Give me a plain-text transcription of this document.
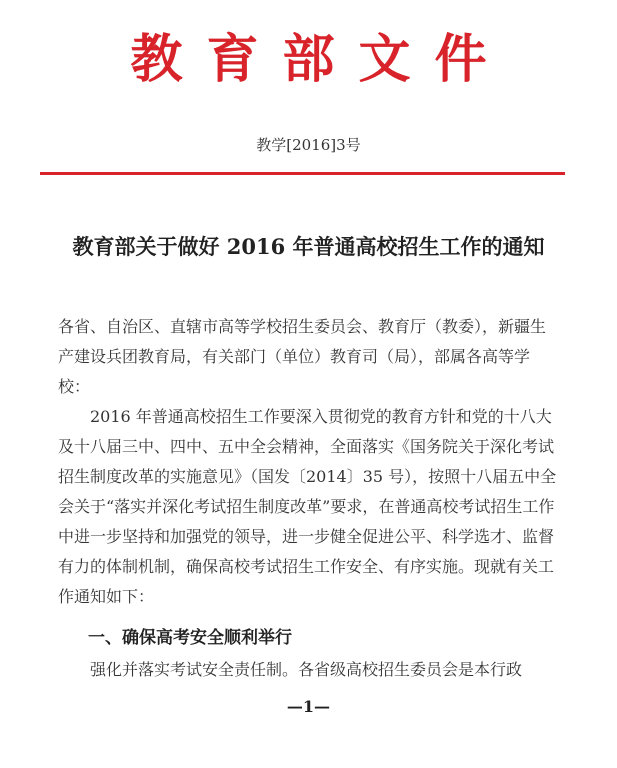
教育部文件
教学[2016]3号
教育部关于做好 2016 年普通高校招生工作的通知
各省、自治区、直辖市高等学校招生委员会、教育厅（教委），新疆生产建设兵团教育局，有关部门（单位）教育司（局），部属各高等学校：
2016 年普通高校招生工作要深入贯彻党的教育方针和党的十八大及十八届三中、四中、五中全会精神，全面落实《国务院关于深化考试招生制度改革的实施意见》（国发〔2014〕35 号），按照十八届五中全会关于“落实并深化考试招生制度改革”要求，在普通高校考试招生工作中进一步坚持和加强党的领导，进一步健全促进公平、科学选才、监督有力的体制机制，确保高校考试招生工作安全、有序实施。现就有关工作通知如下：
一、确保高考安全顺利举行
强化并落实考试安全责任制。各省级高校招生委员会是本行政
—1—
